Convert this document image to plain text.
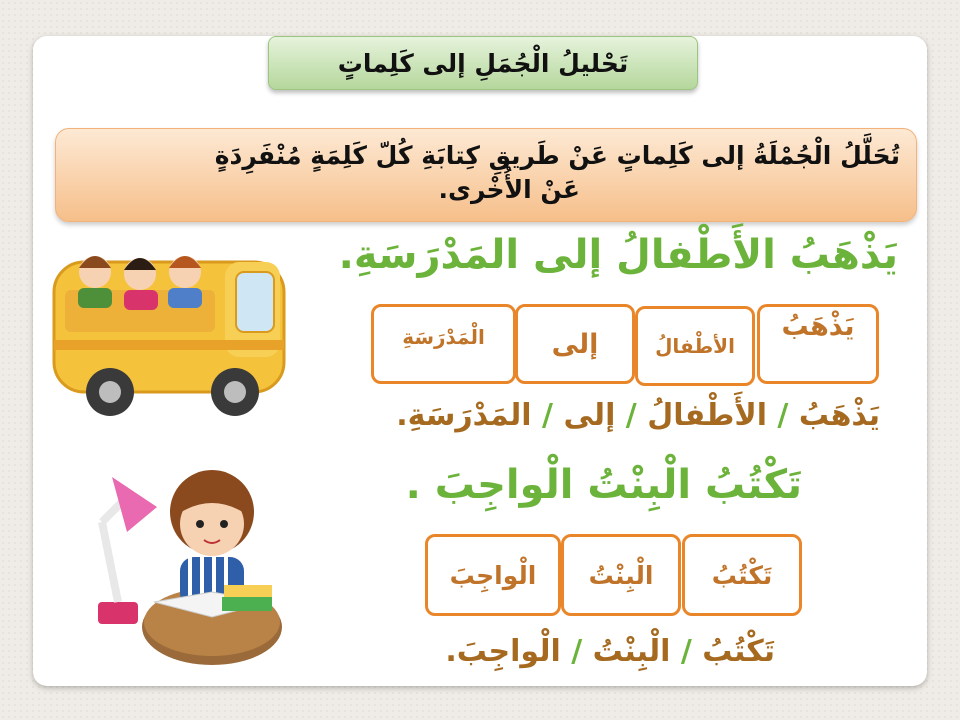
تَحْليلُ الْجُمَلِ إلى كَلِماتٍ
تُحَلَّلُ الْجُمْلَةُ إلى كَلِماتٍ عَنْ طَريقِ كِتابَةِ كُلّ كَلِمَةٍ مُنْفَرِدَةٍ
عَنْ الأُخْرى.
يَذْهَبُ الأَطْفالُ إلى المَدْرَسَةِ.
يَذْهَبُ
الأطْفالُ
إلى
الْمَدْرَسَةِ
يَذْهَبُ / الأَطْفالُ / إلى / المَدْرَسَةِ.
تَكْتُبُ الْبِنْتُ الْواجِبَ .
تَكْتُبُ
الْبِنْتُ
الْواجِبَ
تَكْتُبُ / الْبِنْتُ / الْواجِبَ.
